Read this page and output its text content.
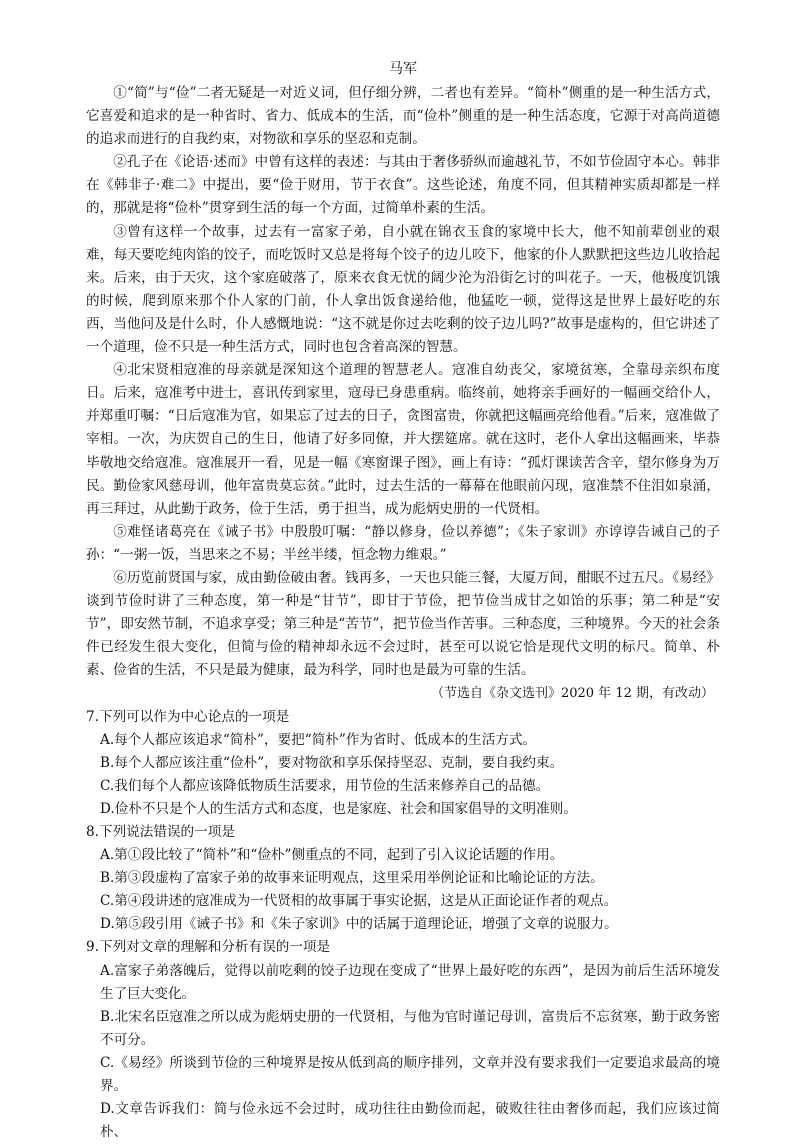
马军

①“简”与“俭”二者无疑是一对近义词，但仔细分辨，二者也有差异。“简朴”侧重的是一种生活方式，它喜爱和追求的是一种省时、省力、低成本的生活，而“俭朴”侧重的是一种生活态度，它源于对高尚道德的追求而进行的自我约束，对物欲和享乐的坚忍和克制。

②孔子在《论语·述而》中曾有这样的表述：与其由于奢侈骄纵而逾越礼节，不如节俭固守本心。韩非在《韩非子·难二》中提出，要“俭于财用，节于衣食”。这些论述，角度不同，但其精神实质却都是一样的，那就是将“俭朴”贯穿到生活的每一个方面，过简单朴素的生活。

③曾有这样一个故事，过去有一富家子弟，自小就在锦衣玉食的家境中长大，他不知前辈创业的艰难，每天要吃纯肉馅的饺子，而吃饭时又总是将每个饺子的边儿咬下，他家的仆人默默把这些边儿收拾起来。后来，由于天灾，这个家庭破落了，原来衣食无忧的阔少沦为沿街乞讨的叫花子。一天，他极度饥饿的时候，爬到原来那个仆人家的门前，仆人拿出饭食递给他，他猛吃一顿，觉得这是世界上最好吃的东西，当他问及是什么时，仆人感慨地说：“这不就是你过去吃剩的饺子边儿吗?”故事是虚构的，但它讲述了一个道理，俭不只是一种生活方式，同时也包含着高深的智慧。

④北宋贤相寇准的母亲就是深知这个道理的智慧老人。寇准自幼丧父，家境贫寒，全靠母亲织布度日。后来，寇准考中进士，喜讯传到家里，寇母已身患重病。临终前，她将亲手画好的一幅画交给仆人，并郑重叮嘱：“日后寇准为官，如果忘了过去的日子，贪图富贵，你就把这幅画亮给他看。”后来，寇准做了宰相。一次，为庆贺自己的生日，他请了好多同僚，并大摆筵席。就在这时，老仆人拿出这幅画来，毕恭毕敬地交给寇准。寇准展开一看，见是一幅《寒窗课子图》，画上有诗：“孤灯课读苦含辛，望尔修身为万民。勤俭家风慈母训，他年富贵莫忘贫。”此时，过去生活的一幕幕在他眼前闪现，寇准禁不住泪如泉涌，再三拜过，从此勤于政务，俭于生活，勇于担当，成为彪炳史册的一代贤相。

⑤难怪诸葛亮在《诫子书》中殷殷叮嘱：“静以修身，俭以养德”；《朱子家训》亦谆谆告诫自己的子孙：“一粥一饭，当思来之不易；半丝半缕，恒念物力维艰。”

⑥历览前贤国与家，成由勤俭破由奢。钱再多，一天也只能三餐，大厦万间，酣眠不过五尺。《易经》谈到节俭时讲了三种态度，第一种是“甘节”，即甘于节俭，把节俭当成甘之如饴的乐事；第二种是“安节”，即安然节制，不追求享受；第三种是“苦节”，把节俭当作苦事。三种态度，三种境界。今天的社会条件已经发生很大变化，但简与俭的精神却永远不会过时，甚至可以说它恰是现代文明的标尺。简单、朴素、俭省的生活，不只是最为健康，最为科学，同时也是最为可靠的生活。

（节选自《杂文选刊》2020 年 12 期，有改动）

7.下列可以作为中心论点的一项是

A.每个人都应该追求“简朴”，要把“简朴”作为省时、低成本的生活方式。

B.每个人都应该注重“俭朴”，要对物欲和享乐保持坚忍、克制，要自我约束。

C.我们每个人都应该降低物质生活要求，用节俭的生活来修养自己的品德。

D.俭朴不只是个人的生活方式和态度，也是家庭、社会和国家倡导的文明准则。

8.下列说法错误的一项是

A.第①段比较了“简朴”和“俭朴”侧重点的不同，起到了引入议论话题的作用。

B.第③段虚构了富家子弟的故事来证明观点，这里采用举例论证和比喻论证的方法。

C.第④段讲述的寇准成为一代贤相的故事属于事实论据，这是从正面论证作者的观点。

D.第⑤段引用《诫子书》和《朱子家训》中的话属于道理论证，增强了文章的说服力。

9.下列对文章的理解和分析有误的一项是

A.富家子弟落魄后，觉得以前吃剩的饺子边现在变成了“世界上最好吃的东西”，是因为前后生活环境发生了巨大变化。

B.北宋名臣寇准之所以成为彪炳史册的一代贤相，与他为官时谨记母训，富贵后不忘贫寒，勤于政务密不可分。

C.《易经》所谈到节俭的三种境界是按从低到高的顺序排列，文章并没有要求我们一定要追求最高的境界。

D.文章告诉我们：简与俭永远不会过时，成功往往由勤俭而起，破败往往由奢侈而起，我们应该过简朴、
